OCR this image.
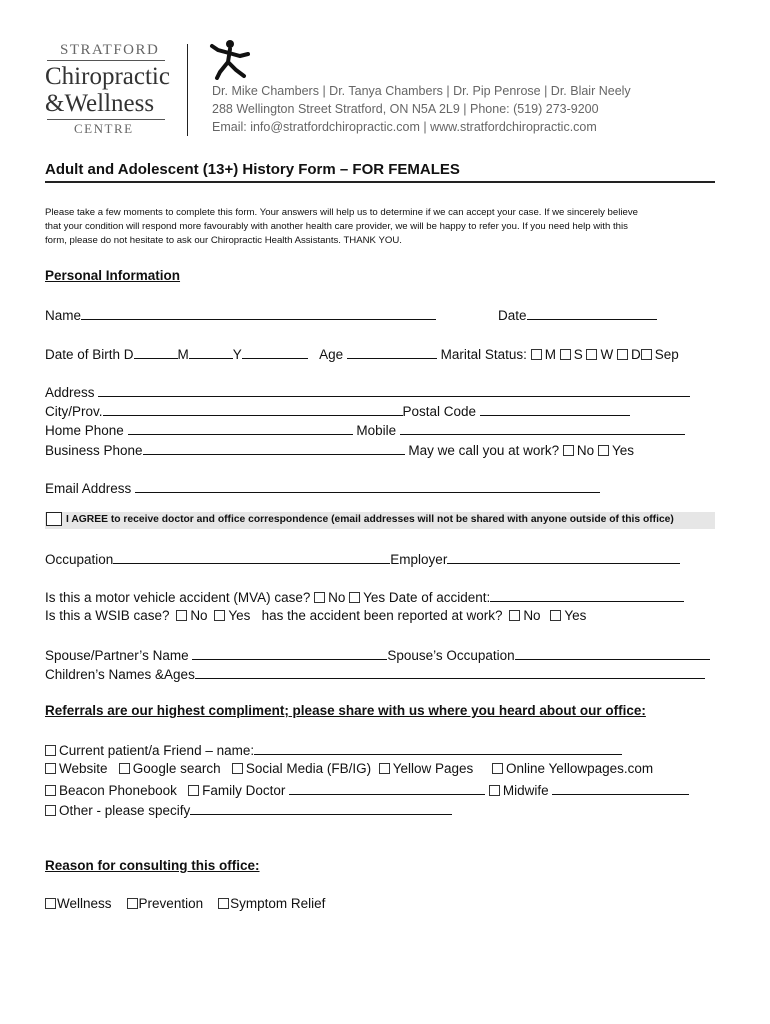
STRATFORD
Chiropractic
&Wellness
CENTRE
Dr. Mike Chambers | Dr. Tanya Chambers | Dr. Pip Penrose | Dr. Blair Neely
288 Wellington Street Stratford, ON N5A 2L9 | Phone: (519) 273-9200
Email: info@stratfordchiropractic.com | www.stratfordchiropractic.com
Adult and Adolescent (13+) History Form – FOR FEMALES
Please take a few moments to complete this form. Your answers will help us to determine if we can accept your case. If we sincerely believe
that your condition will respond more favourably with another health care provider, we will be happy to refer you. If you need help with this
form, please do not hesitate to ask our Chiropractic Health Assistants. THANK YOU.
Personal Information
Name	Date
Date of Birth D	M	Y	Age	Marital Status: M S W D Sep
Address
City/Prov.	Postal Code
Home Phone	Mobile
Business Phone	May we call you at work? No Yes
Email Address
I AGREE to receive doctor and office correspondence (email addresses will not be shared with anyone outside of this office)
Occupation	Employer
Is this a motor vehicle accident (MVA) case? No Yes Date of accident:
Is this a WSIB case? No Yes has the accident been reported at work? No Yes
Spouse/Partner’s Name	Spouse’s Occupation
Children’s Names &Ages
Referrals are our highest compliment; please share with us where you heard about our office:
Current patient/a Friend – name:
Website Google search Social Media (FB/IG) Yellow Pages Online Yellowpages.com
Beacon Phonebook Family Doctor	Midwife
Other - please specify
Reason for consulting this office:
Wellness Prevention Symptom Relief
